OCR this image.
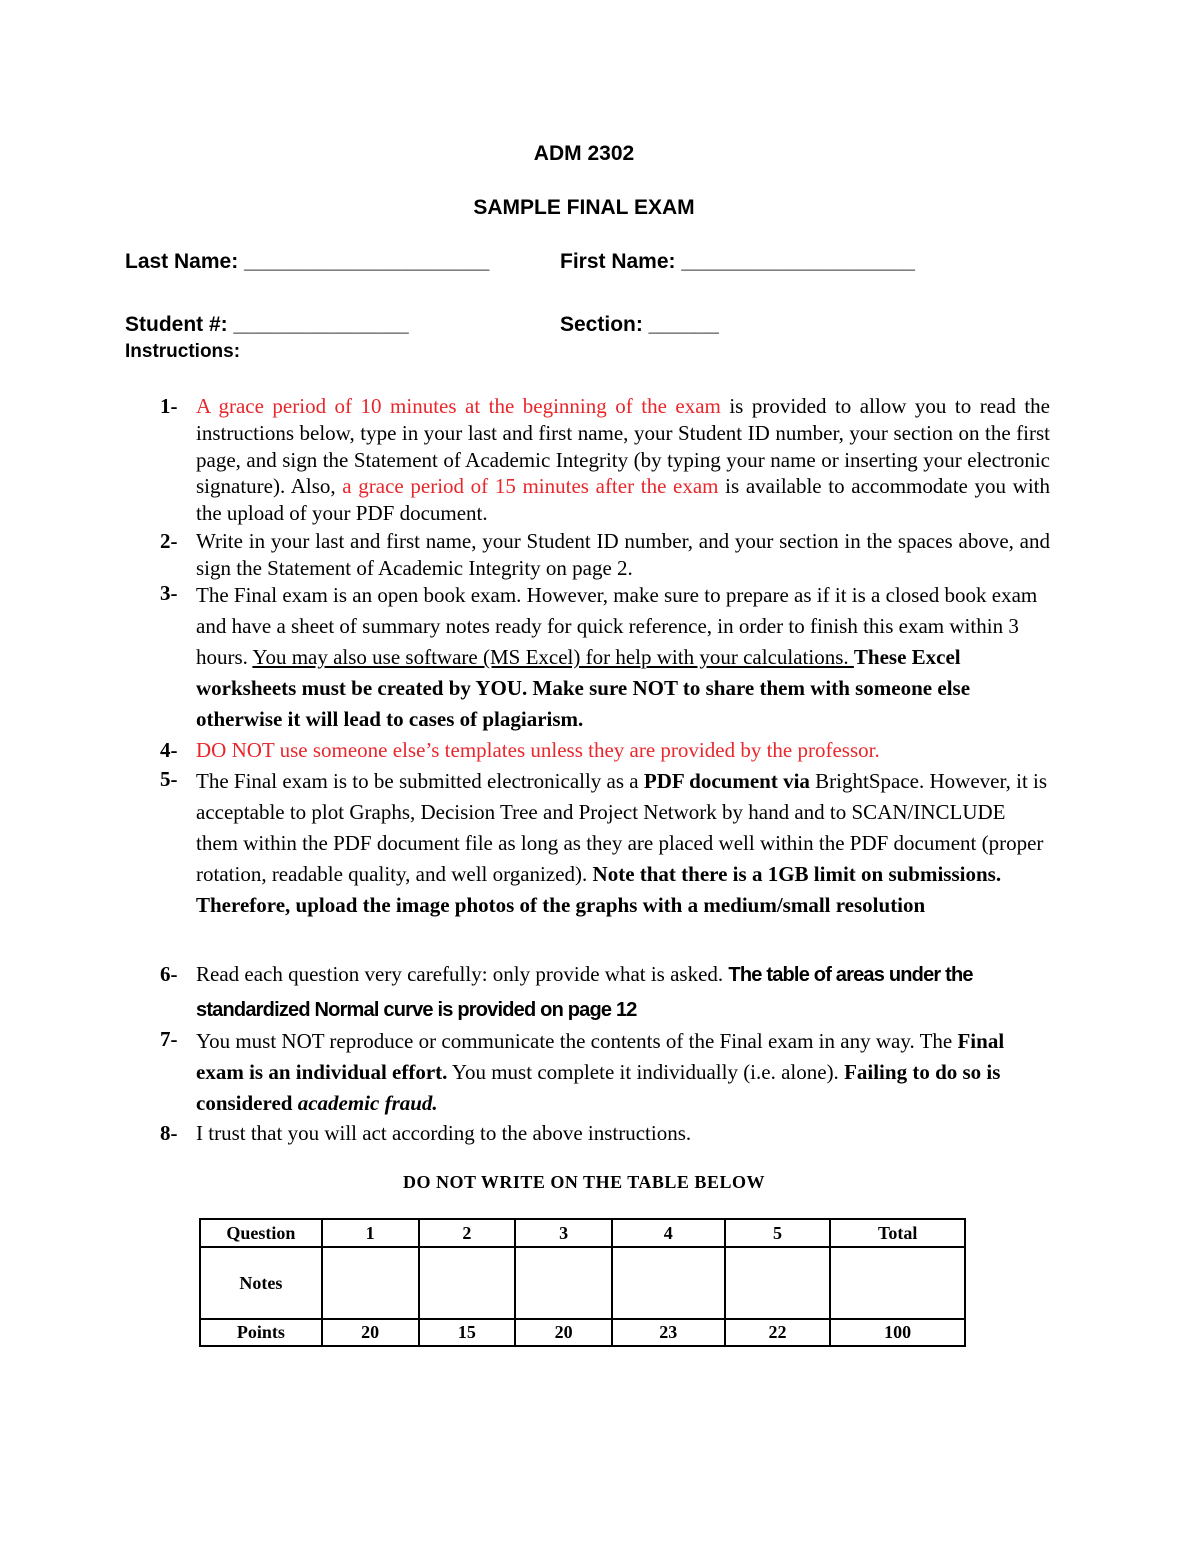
ADM 2302
SAMPLE FINAL EXAM
Last Name: _____________________	First Name: ____________________
Student #: _______________	Section: ______
Instructions:
1- A grace period of 10 minutes at the beginning of the exam is provided to allow you to read the instructions below, type in your last and first name, your Student ID number, your section on the first page, and sign the Statement of Academic Integrity (by typing your name or inserting your electronic signature). Also, a grace period of 15 minutes after the exam is available to accommodate you with the upload of your PDF document.
2- Write in your last and first name, your Student ID number, and your section in the spaces above, and sign the Statement of Academic Integrity on page 2.
3- The Final exam is an open book exam. However, make sure to prepare as if it is a closed book exam and have a sheet of summary notes ready for quick reference, in order to finish this exam within 3 hours. You may also use software (MS Excel) for help with your calculations. These Excel worksheets must be created by YOU. Make sure NOT to share them with someone else otherwise it will lead to cases of plagiarism.
4- DO NOT use someone else’s templates unless they are provided by the professor.
5- The Final exam is to be submitted electronically as a PDF document via BrightSpace. However, it is acceptable to plot Graphs, Decision Tree and Project Network by hand and to SCAN/INCLUDE them within the PDF document file as long as they are placed well within the PDF document (proper rotation, readable quality, and well organized). Note that there is a 1GB limit on submissions. Therefore, upload the image photos of the graphs with a medium/small resolution
6- Read each question very carefully: only provide what is asked. The table of areas under the standardized Normal curve is provided on page 12
7- You must NOT reproduce or communicate the contents of the Final exam in any way. The Final exam is an individual effort. You must complete it individually (i.e. alone). Failing to do so is considered academic fraud.
8- I trust that you will act according to the above instructions.
DO NOT WRITE ON THE TABLE BELOW
Question	1	2	3	4	5	Total
Notes						
Points	20	15	20	23	22	100
